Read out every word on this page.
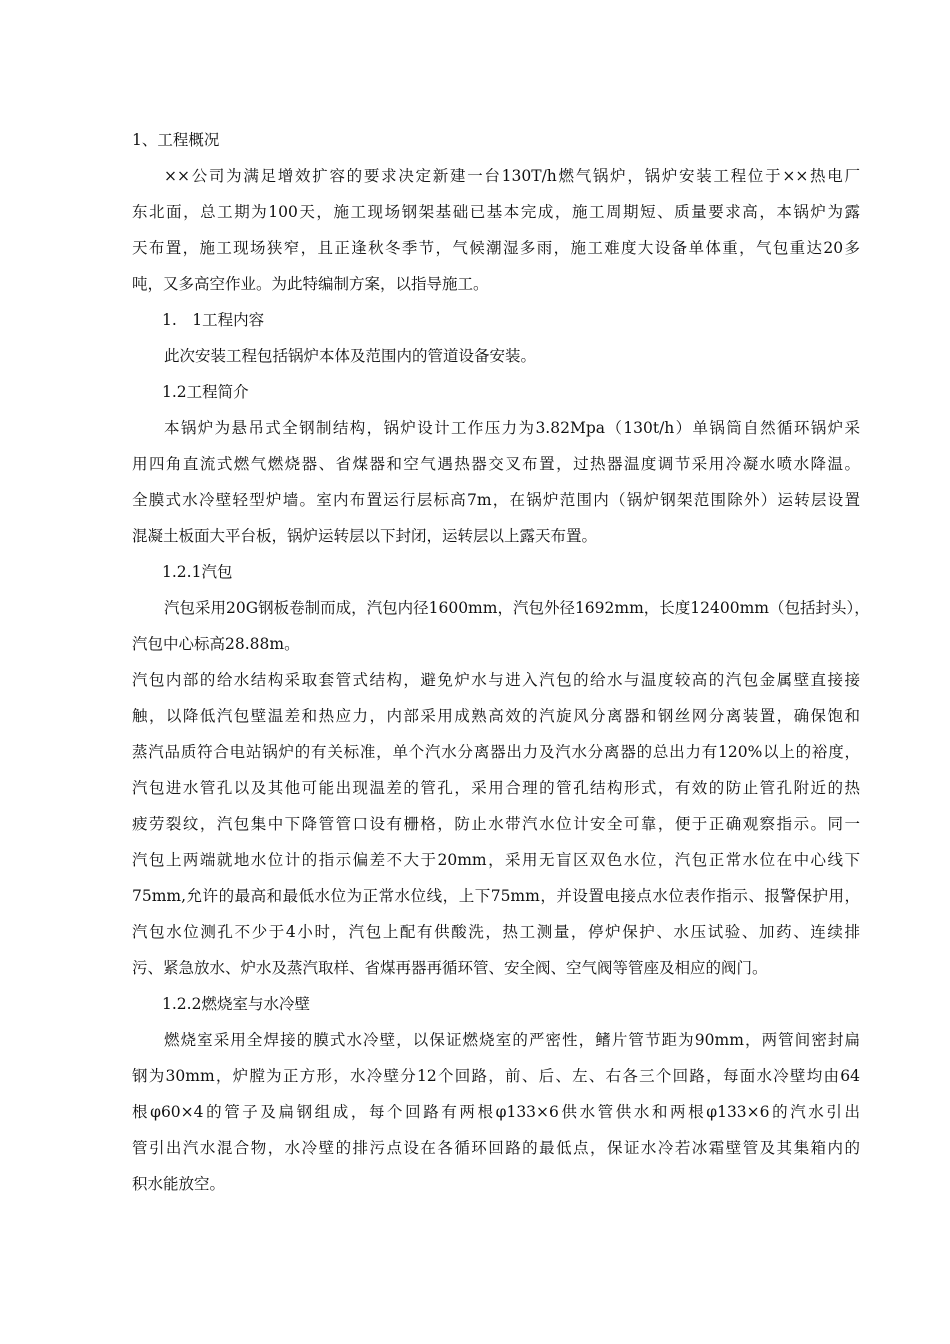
1、工程概况

××公司为满足增效扩容的要求决定新建一台130T/h燃气锅炉，锅炉安装工程位于××热电厂

东北面，总工期为100天，施工现场钢架基础已基本完成，施工周期短、质量要求高，本锅炉为露

天布置，施工现场狭窄，且正逢秋冬季节，气候潮湿多雨，施工难度大设备单体重，气包重达20多

吨，又多高空作业。为此特编制方案，以指导施工。

1.　1工程内容

此次安装工程包括锅炉本体及范围内的管道设备安装。

1.2工程简介

本锅炉为悬吊式全钢制结构，锅炉设计工作压力为3.82Mpa（130t/h）单锅筒自然循环锅炉采

用四角直流式燃气燃烧器、省煤器和空气遇热器交叉布置，过热器温度调节采用冷凝水喷水降温。

全膜式水冷壁轻型炉墙。室内布置运行层标高7m，在锅炉范围内（锅炉钢架范围除外）运转层设置

混凝土板面大平台板，锅炉运转层以下封闭，运转层以上露天布置。

1.2.1汽包

汽包采用20G钢板卷制而成，汽包内径1600mm，汽包外径1692mm，长度12400mm（包括封头），

汽包中心标高28.88m。

汽包内部的给水结构采取套管式结构，避免炉水与进入汽包的给水与温度较高的汽包金属壁直接接

触，以降低汽包壁温差和热应力，内部采用成熟高效的汽旋风分离器和钢丝网分离装置，确保饱和

蒸汽品质符合电站锅炉的有关标准，单个汽水分离器出力及汽水分离器的总出力有120%以上的裕度，

汽包进水管孔以及其他可能出现温差的管孔，采用合理的管孔结构形式，有效的防止管孔附近的热

疲劳裂纹，汽包集中下降管管口设有栅格，防止水带汽水位计安全可靠，便于正确观察指示。同一

汽包上两端就地水位计的指示偏差不大于20mm，采用无盲区双色水位，汽包正常水位在中心线下

75mm,允许的最高和最低水位为正常水位线，上下75mm，并设置电接点水位表作指示、报警保护用，

汽包水位测孔不少于4小时，汽包上配有供酸洗，热工测量，停炉保护、水压试验、加药、连续排

污、紧急放水、炉水及蒸汽取样、省煤再器再循环管、安全阀、空气阀等管座及相应的阀门。

1.2.2燃烧室与水冷壁

燃烧室采用全焊接的膜式水冷壁，以保证燃烧室的严密性，鳍片管节距为90mm，两管间密封扁

钢为30mm，炉膛为正方形，水冷壁分12个回路，前、后、左、右各三个回路，每面水冷壁均由64

根φ60×4的管子及扁钢组成，每个回路有两根φ133×6供水管供水和两根φ133×6的汽水引出

管引出汽水混合物，水冷壁的排污点设在各循环回路的最低点，保证水冷若冰霜壁管及其集箱内的

积水能放空。
